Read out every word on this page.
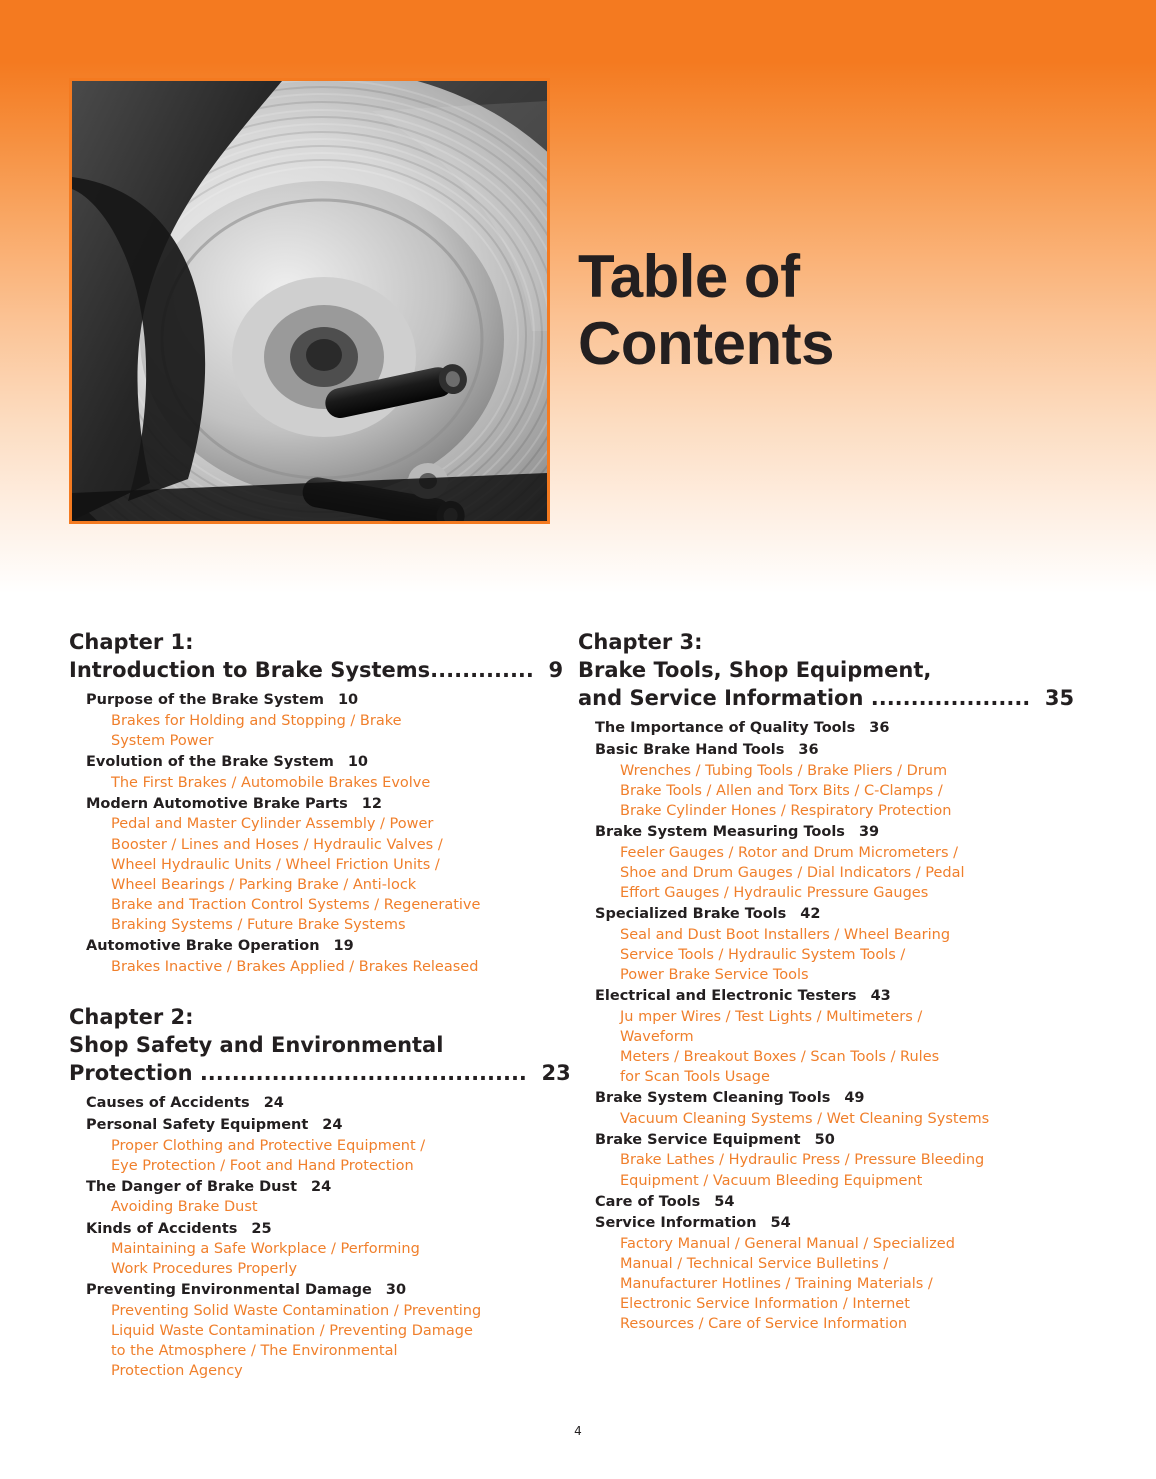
Table of
Contents
Chapter 1:
Introduction to Brake Systems............. 9
Purpose of the Brake System 10
Brakes for Holding and Stopping / Brake
System Power
Evolution of the Brake System 10
The First Brakes / Automobile Brakes Evolve
Modern Automotive Brake Parts 12
Pedal and Master Cylinder Assembly / Power
Booster / Lines and Hoses / Hydraulic Valves /
Wheel Hydraulic Units / Wheel Friction Units /
Wheel Bearings / Parking Brake / Anti-lock
Brake and Traction Control Systems / Regenerative
Braking Systems / Future Brake Systems
Automotive Brake Operation 19
Brakes Inactive / Brakes Applied / Brakes Released
Chapter 2:
Shop Safety and Environmental
Protection ......................................... 23
Causes of Accidents 24
Personal Safety Equipment 24
Proper Clothing and Protective Equipment /
Eye Protection / Foot and Hand Protection
The Danger of Brake Dust 24
Avoiding Brake Dust
Kinds of Accidents 25
Maintaining a Safe Workplace / Performing
Work Procedures Properly
Preventing Environmental Damage 30
Preventing Solid Waste Contamination / Preventing
Liquid Waste Contamination / Preventing Damage
to the Atmosphere / The Environmental
Protection Agency
Chapter 3:
Brake Tools, Shop Equipment,
and Service Information .................... 35
The Importance of Quality Tools 36
Basic Brake Hand Tools 36
Wrenches / Tubing Tools / Brake Pliers / Drum
Brake Tools / Allen and Torx Bits / C-Clamps /
Brake Cylinder Hones / Respiratory Protection
Brake System Measuring Tools 39
Feeler Gauges / Rotor and Drum Micrometers /
Shoe and Drum Gauges / Dial Indicators / Pedal
Effort Gauges / Hydraulic Pressure Gauges
Specialized Brake Tools 42
Seal and Dust Boot Installers / Wheel Bearing
Service Tools / Hydraulic System Tools /
Power Brake Service Tools
Electrical and Electronic Testers 43
Ju mper Wires / Test Lights / Multimeters /
Waveform
Meters / Breakout Boxes / Scan Tools / Rules
for Scan Tools Usage
Brake System Cleaning Tools 49
Vacuum Cleaning Systems / Wet Cleaning Systems
Brake Service Equipment 50
Brake Lathes / Hydraulic Press / Pressure Bleeding
Equipment / Vacuum Bleeding Equipment
Care of Tools 54
Service Information 54
Factory Manual / General Manual / Specialized
Manual / Technical Service Bulletins /
Manufacturer Hotlines / Training Materials /
Electronic Service Information / Internet
Resources / Care of Service Information
4
